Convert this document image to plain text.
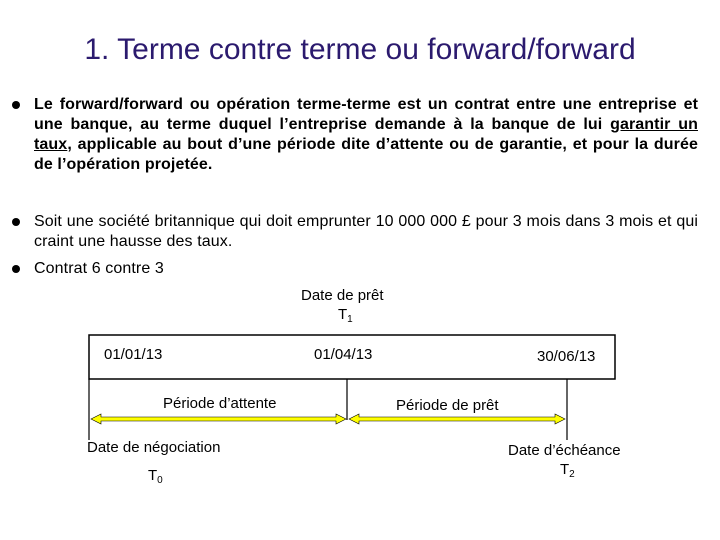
1. Terme contre terme ou forward/forward
Le forward/forward ou opération terme-terme est un contrat entre une entreprise et une banque, au terme duquel l’entreprise demande à la banque de lui garantir un taux, applicable au bout d’une période dite d’attente ou de garantie, et pour la durée de l’opération projetée.
Soit une société britannique qui doit emprunter 10 000 000 £ pour 3 mois dans 3 mois et qui craint une hausse des taux.
Contrat 6 contre 3
Date de prêt
$T_1$
01/01/13	01/04/13	30/06/13
Période d’attente	Période de prêt
Date de négociation
$T_0$
Date d’échéance
$T_2$
